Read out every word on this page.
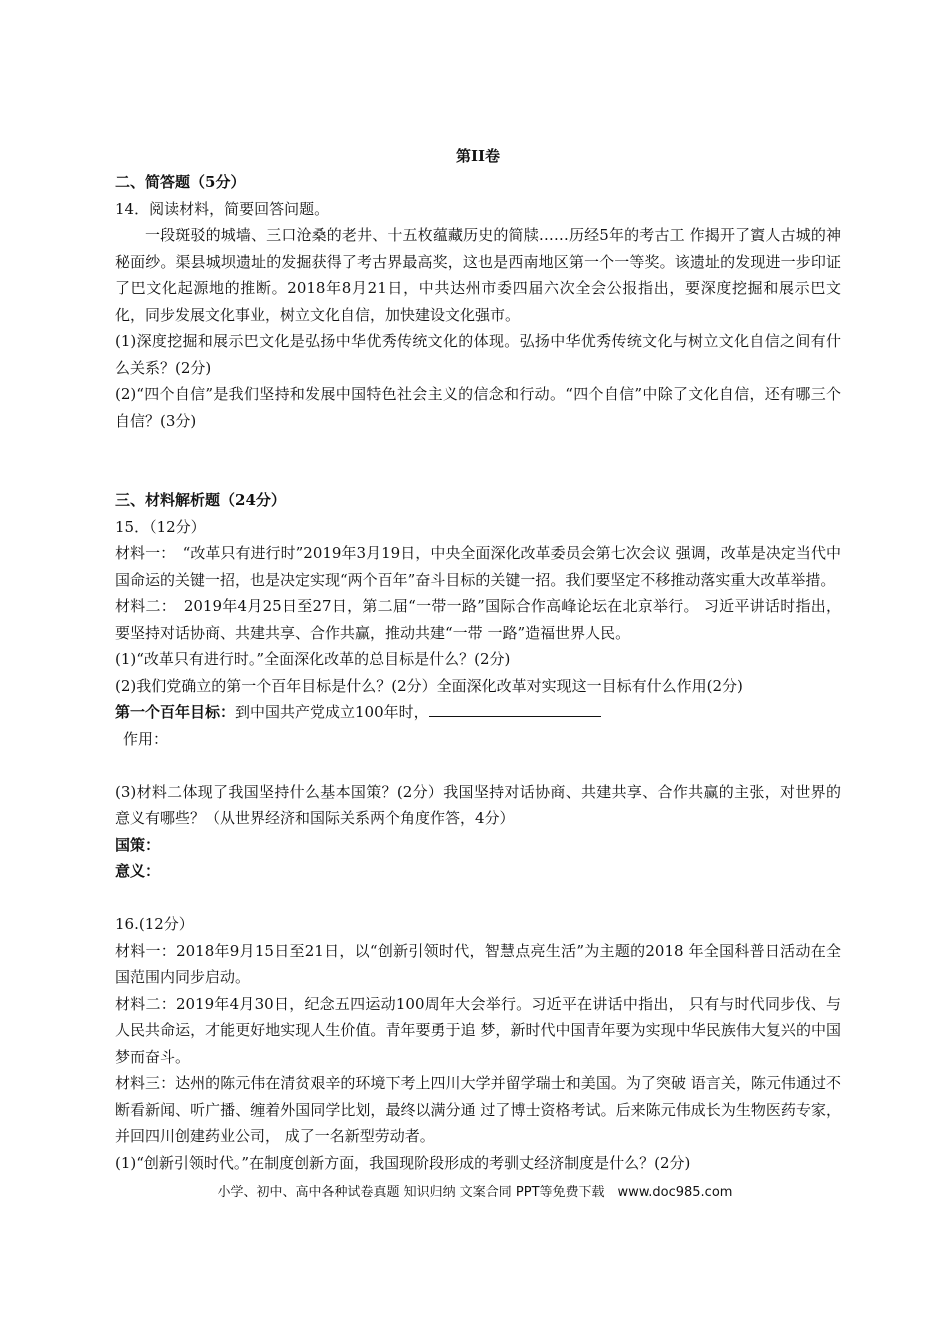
第II卷

二、简答题（5分）

14．阅读材料，简要回答问题。

一段斑驳的城墙、三口沧桑的老井、十五枚蕴藏历史的简牍……历经5年的考古工 作揭开了賨人古城的神秘面纱。渠县城坝遗址的发掘获得了考古界最高奖，这也是西南地区第一个一等奖。该遗址的发现进一步印证了巴文化起源地的推断。2018年8月21日，中共达州市委四届六次全会公报指出，要深度挖掘和展示巴文化，同步发展文化事业，树立文化自信，加快建设文化强市。

(1)深度挖掘和展示巴文化是弘扬中华优秀传统文化的体现。弘扬中华优秀传统文化与树立文化自信之间有什么关系？(2分)

(2)“四个自信”是我们坚持和发展中国特色社会主义的信念和行动。“四个自信”中除了文化自信，还有哪三个自信？(3分)

三、材料解析题（24分）

15．（12分）

材料一：　“改革只有进行时”2019年3月19日，中央全面深化改革委员会第七次会议 强调，改革是决定当代中国命运的关键一招，也是决定实现“两个百年”奋斗目标的关键一招。我们要坚定不移推动落实重大改革举措。

材料二：　2019年4月25日至27日，第二届“一带一路”国际合作高峰论坛在北京举行。 习近平讲话时指出，要坚持对话协商、共建共享、合作共赢，推动共建“一带 一路”造福世界人民。

(1)“改革只有进行时。”全面深化改革的总目标是什么？(2分)

(2)我们党确立的第一个百年目标是什么？(2分）全面深化改革对实现这一目标有什么作用(2分)

第一个百年目标：到中国共产党成立100年时，

作用：

(3)材料二体现了我国坚持什么基本国策？(2分）我国坚持对话协商、共建共享、合作共赢的主张，对世界的意义有哪些？（从世界经济和国际关系两个角度作答，4分）

国策：

意义：

16.(12分）

材料一：2018年9月15日至21日，以“创新引领时代，智慧点亮生活”为主题的2018 年全国科普日活动在全国范围内同步启动。

材料二：2019年4月30日，纪念五四运动100周年大会举行。习近平在讲话中指出， 只有与时代同步伐、与人民共命运，才能更好地实现人生价值。青年要勇于追 梦，新时代中国青年要为实现中华民族伟大复兴的中国梦而奋斗。

材料三：达州的陈元伟在清贫艰辛的环境下考上四川大学并留学瑞士和美国。为了突破 语言关，陈元伟通过不断看新闻、听广播、缠着外国同学比划，最终以满分通 过了博士资格考试。后来陈元伟成长为生物医药专家，并回四川创建药业公司， 成了一名新型劳动者。

(1)“创新引领时代。”在制度创新方面，我国现阶段形成的考驯丈经济制度是什么？(2分)

小学、初中、高中各种试卷真题 知识归纳 文案合同 PPT等免费下载　www.doc985.com
